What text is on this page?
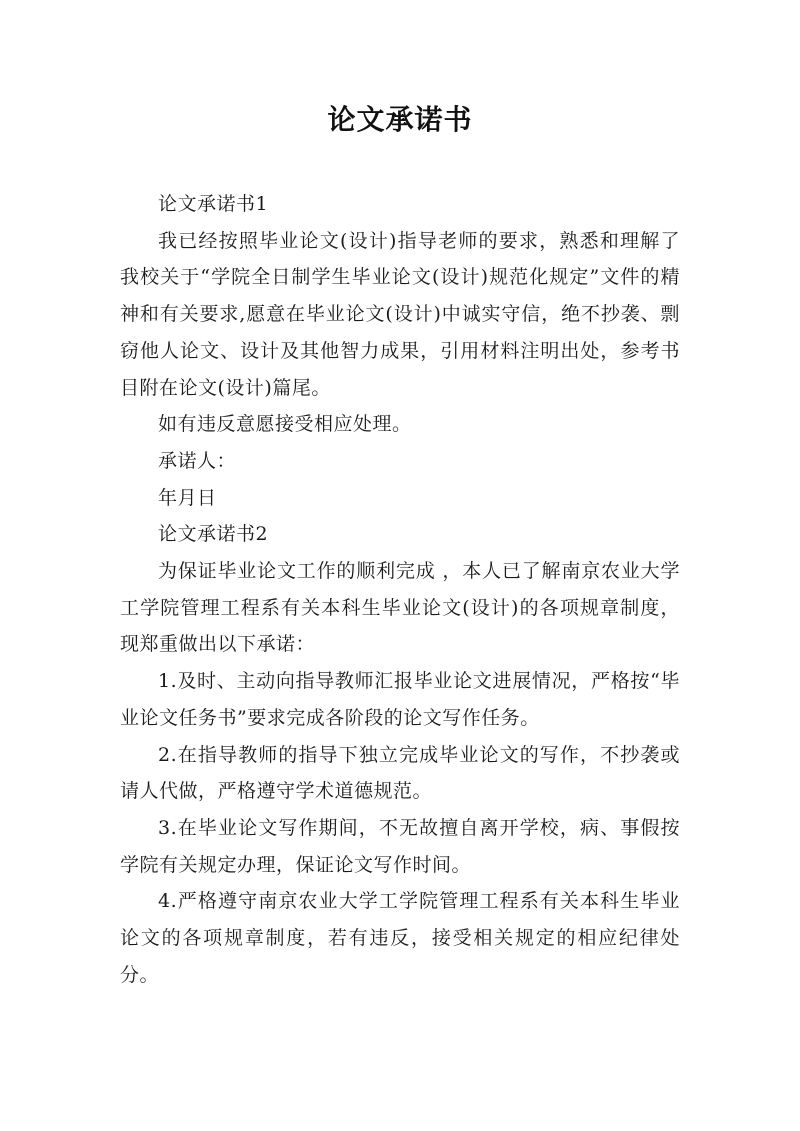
论文承诺书

论文承诺书1

我已经按照毕业论文(设计)指导老师的要求，熟悉和理解了我校关于“学院全日制学生毕业论文(设计)规范化规定”文件的精神和有关要求,愿意在毕业论文(设计)中诚实守信，绝不抄袭、剽窃他人论文、设计及其他智力成果，引用材料注明出处，参考书目附在论文(设计)篇尾。

如有违反意愿接受相应处理。

承诺人：

年月日

论文承诺书2

为保证毕业论文工作的顺利完成 ，本人已了解南京农业大学工学院管理工程系有关本科生毕业论文(设计)的各项规章制度，现郑重做出以下承诺：

1.及时、主动向指导教师汇报毕业论文进展情况，严格按“毕业论文任务书”要求完成各阶段的论文写作任务。

2.在指导教师的指导下独立完成毕业论文的写作，不抄袭或请人代做，严格遵守学术道德规范。

3.在毕业论文写作期间，不无故擅自离开学校，病、事假按学院有关规定办理，保证论文写作时间。

4.严格遵守南京农业大学工学院管理工程系有关本科生毕业论文的各项规章制度，若有违反，接受相关规定的相应纪律处分。
